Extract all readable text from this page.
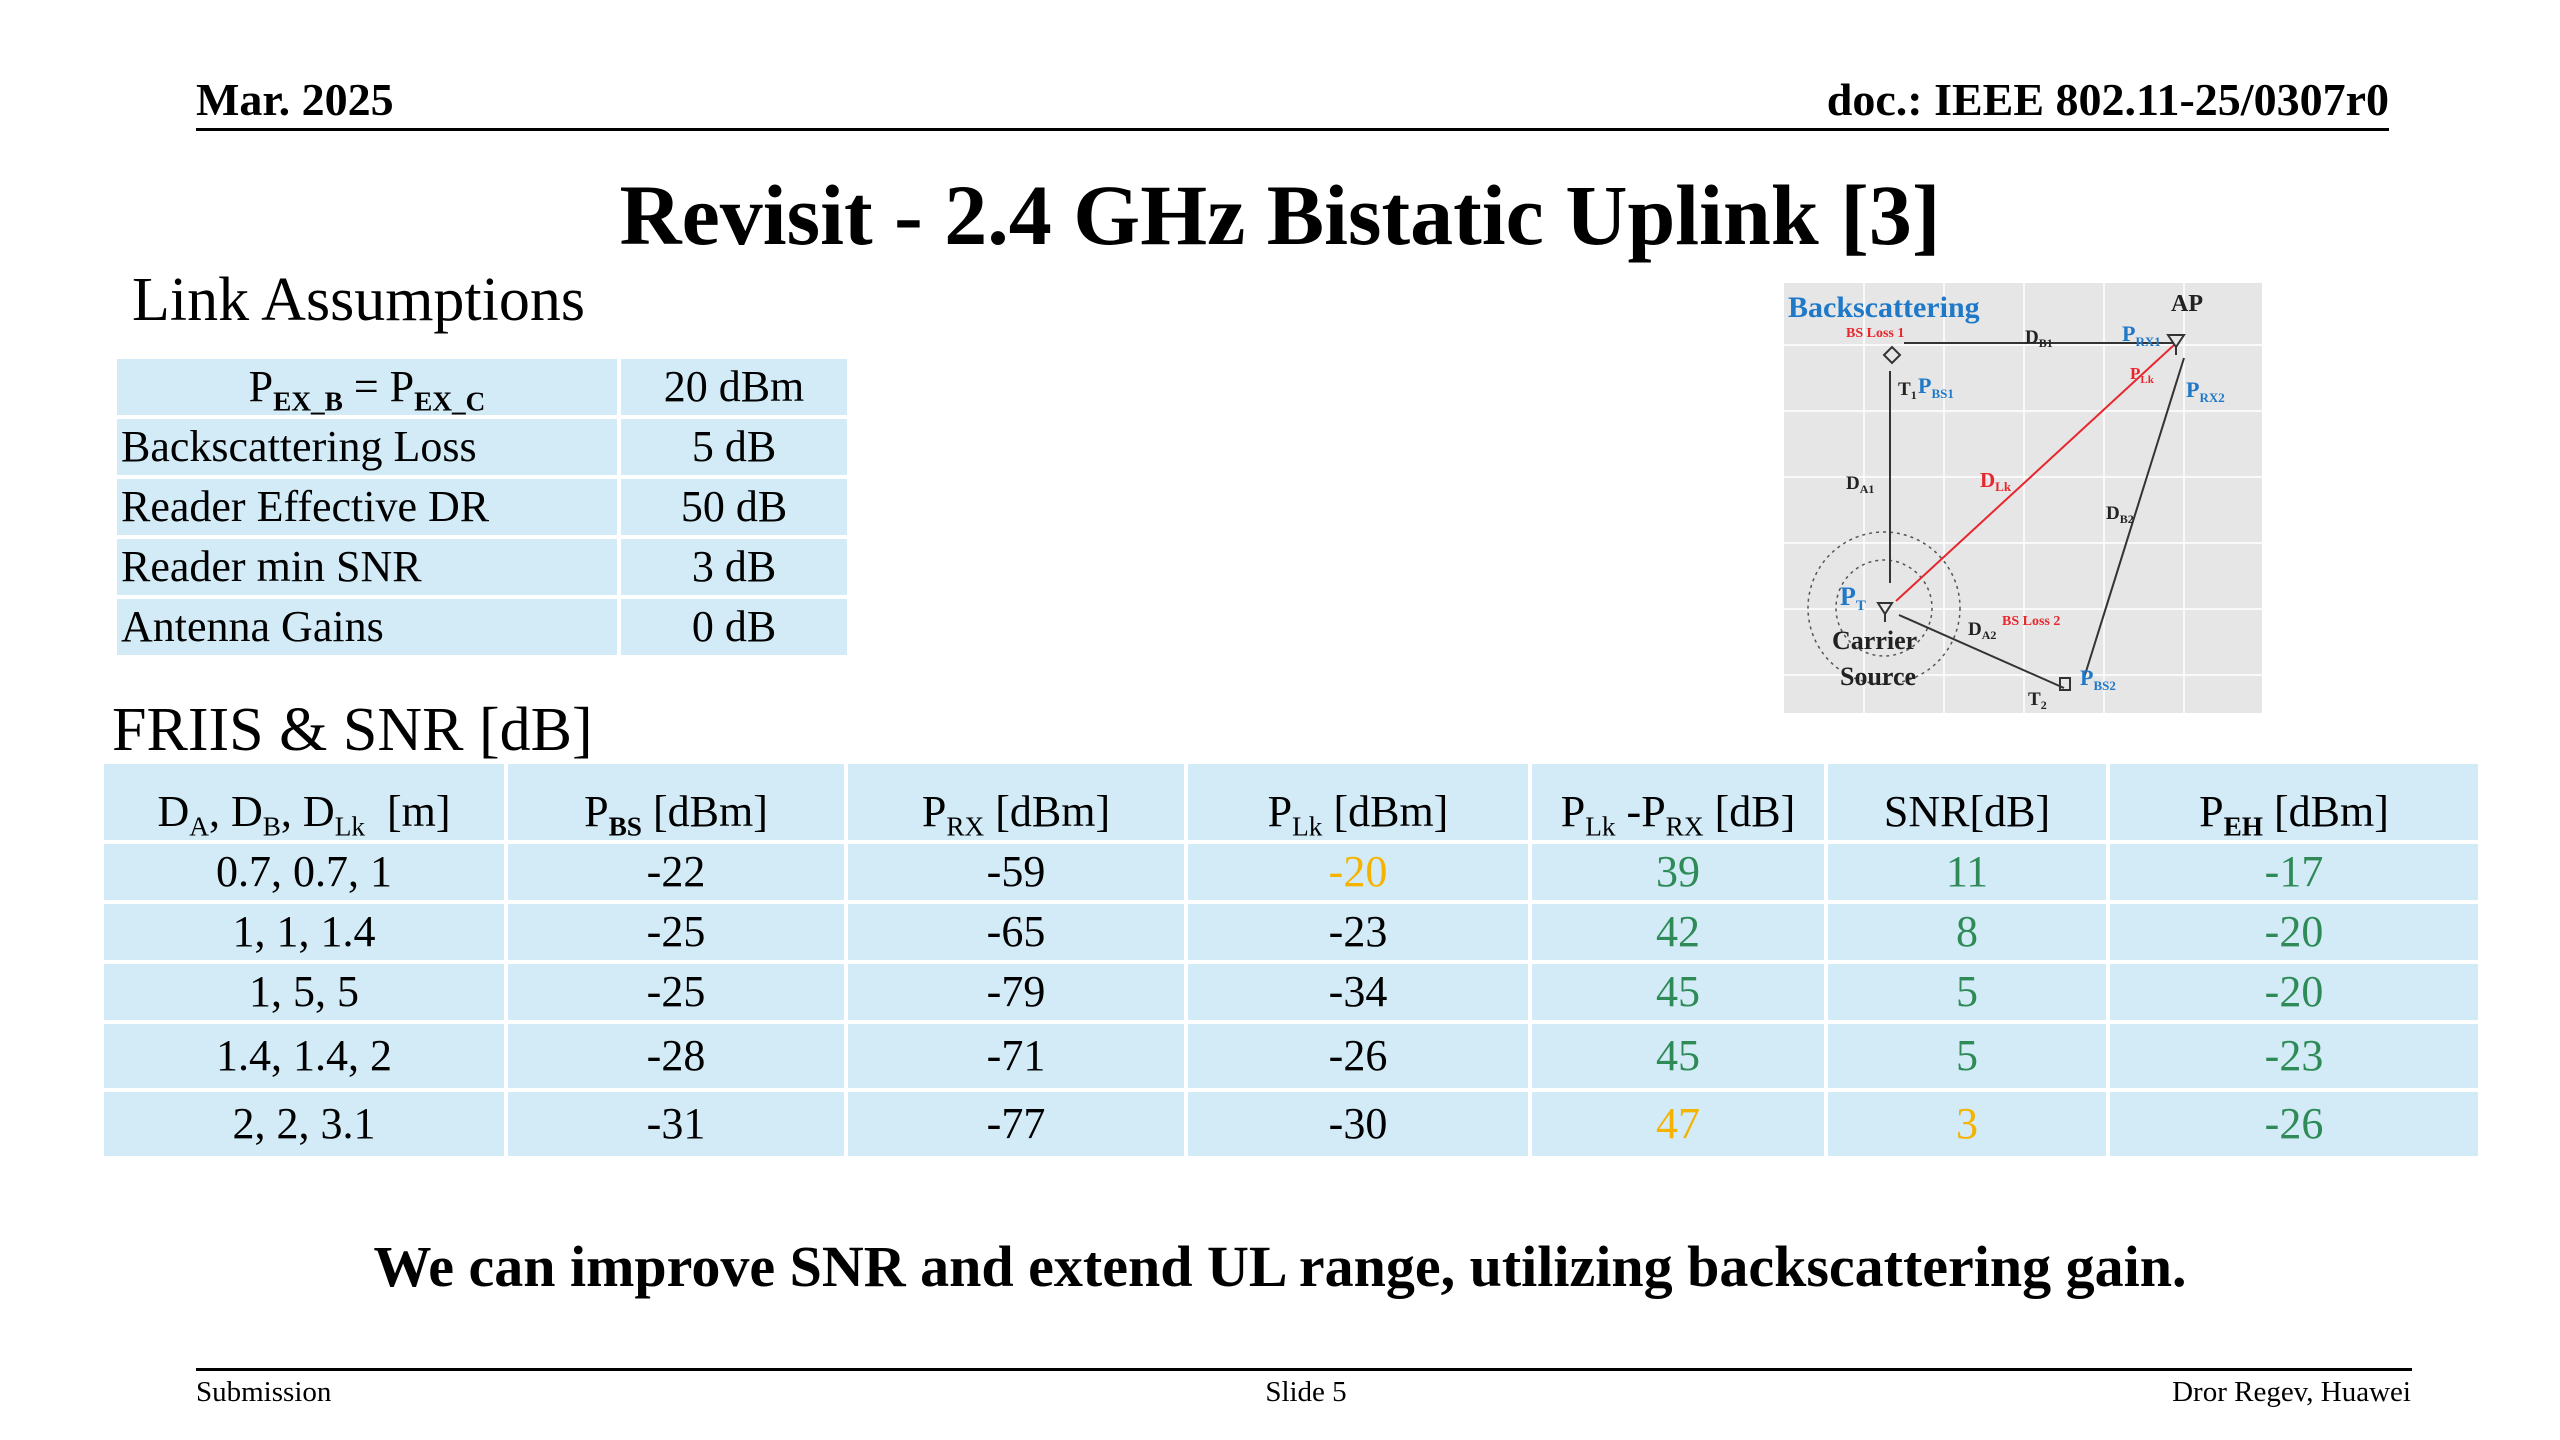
Mar. 2025	doc.: IEEE 802.11-25/0307r0
Revisit - 2.4 GHz Bistatic Uplink [3]
Link Assumptions
$P_{EX\_B} = P_{EX\_C}$	20 dBm
Backscattering Loss	5 dB
Reader Effective DR	50 dB
Reader min SNR	3 dB
Antenna Gains	0 dB
Backscattering	AP
BS Loss 1
BS Loss 2
Carrier
Source
$D_{B1}$
$T_1$ $P_{BS1}$
$P_{RX1}$
$P_{Lk}$ $P_{RX2}$
$D_{A1}$	DLk
$D_{B2}$
PT
$D_{A2}$
$P_{BS2}$
$T_2$
FRIIS & SNR [dB]
$D_A$, $D_B$, $D_{Lk}$  [m]	$P_{BS}$ [dBm]	$P_{RX}$ [dBm]	$P_{Lk}$ [dBm]	$P_{Lk}$ $-P_{RX}$ [dB]	SNR[dB]	$P_{EH}$ [dBm]
0.7, 0.7, 1	-22	-59	-20	39	11	-17
1, 1, 1.4	-25	-65	-23	42	8	-20
1, 5, 5	-25	-79	-34	45	5	-20
1.4, 1.4, 2	-28	-71	-26	45	5	-23
2, 2, 3.1	-31	-77	-30	47	3	-26
We can improve SNR and extend UL range, utilizing backscattering gain.
Submission	Slide 5	Dror Regev, Huawei
